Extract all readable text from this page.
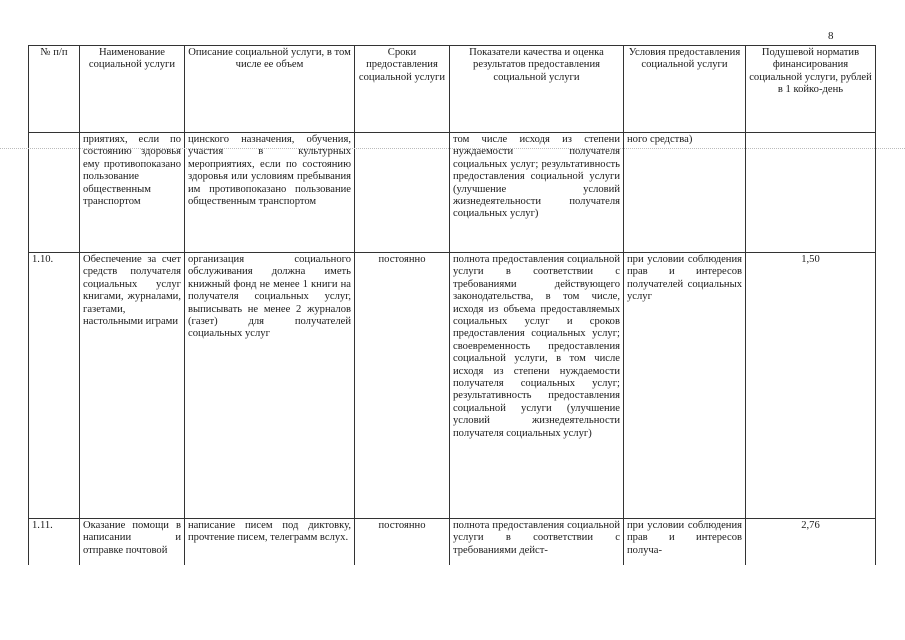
8
№ п/п	Наименование социальной услуги	Описание социальной услуги, в том числе ее объем	Сроки предоставления социальной услуги	Показатели качества и оценка результатов предоставления социальной услуги	Условия предоставления социальной услуги	Подушевой норматив финансирования социальной услуги, рублей в 1 койко-день
	приятиях, если по состоянию здоровья ему противопоказано пользование общественным транспортом	цинского назначения, обучения, участия в культурных мероприятиях, если по состоянию здоровья или условиям пребывания им противопоказано пользование общественным транспортом		том числе исходя из степени нуждаемости получателя социальных услуг; результативность предоставления социальной услуги (улучшение условий жизнедеятельности получателя социальных услуг)	ного средства)	
1.10.	Обеспечение за счет средств получателя социальных услуг книгами, журналами, газетами, настольными играми	организация социального обслуживания должна иметь книжный фонд не менее 1 книги на получателя социальных услуг, выписывать не менее 2 журналов (газет) для получателей социальных услуг	постоянно	полнота предоставления социальной услуги в соответствии с требованиями действующего законодательства, в том числе, исходя из объема предоставляемых социальных услуг и сроков предоставления социальных услуг; своевременность предоставления социальной услуги, в том числе исходя из степени нуждаемости получателя социальных услуг; результативность предоставления социальной услуги (улучшение условий жизнедеятельности получателя социальных услуг)	при условии соблюдения прав и интересов получателей социальных услуг	1,50
1.11.	Оказание помощи в написании и отправке почтовой	написание писем под диктовку, прочтение писем, телеграмм вслух.	постоянно	полнота предоставления социальной услуги в соответствии с требованиями дейст-	при условии соблюдения прав и интересов получа-	2,76
